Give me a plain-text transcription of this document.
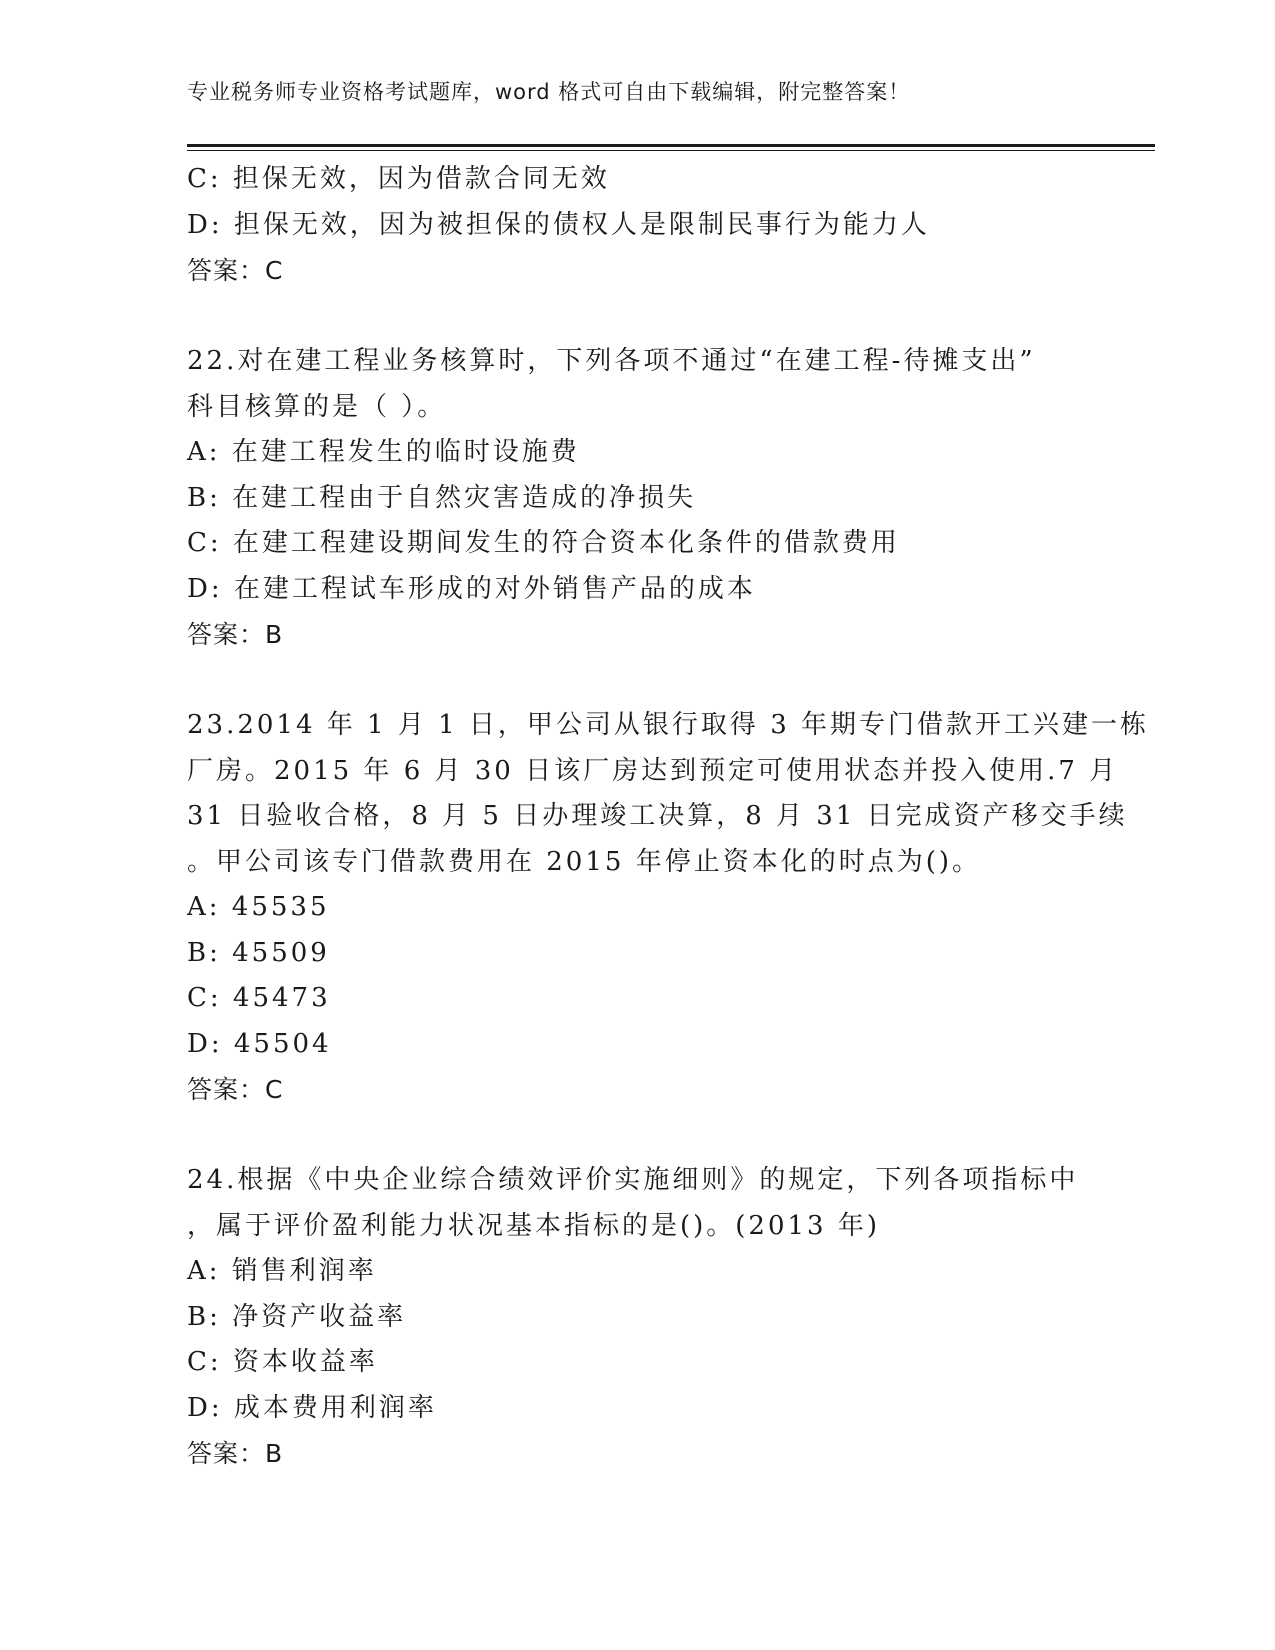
专业税务师专业资格考试题库，word 格式可自由下载编辑，附完整答案！
C: 担保无效，因为借款合同无效
D: 担保无效，因为被担保的债权人是限制民事行为能力人
答案：C
22.对在建工程业务核算时，下列各项不通过“在建工程-待摊支出”
科目核算的是（ ）。
A: 在建工程发生的临时设施费
B: 在建工程由于自然灾害造成的净损失
C: 在建工程建设期间发生的符合资本化条件的借款费用
D: 在建工程试车形成的对外销售产品的成本
答案：B
23.2014 年 1 月 1 日，甲公司从银行取得 3 年期专门借款开工兴建一栋
厂房。2015 年 6 月 30 日该厂房达到预定可使用状态并投入使用.7 月
31 日验收合格，8 月 5 日办理竣工决算，8 月 31 日完成资产移交手续
。甲公司该专门借款费用在 2015 年停止资本化的时点为()。
A: 45535
B: 45509
C: 45473
D: 45504
答案：C
24.根据《中央企业综合绩效评价实施细则》的规定，下列各项指标中
，属于评价盈利能力状况基本指标的是()。(2013 年)
A: 销售利润率
B: 净资产收益率
C: 资本收益率
D: 成本费用利润率
答案：B
